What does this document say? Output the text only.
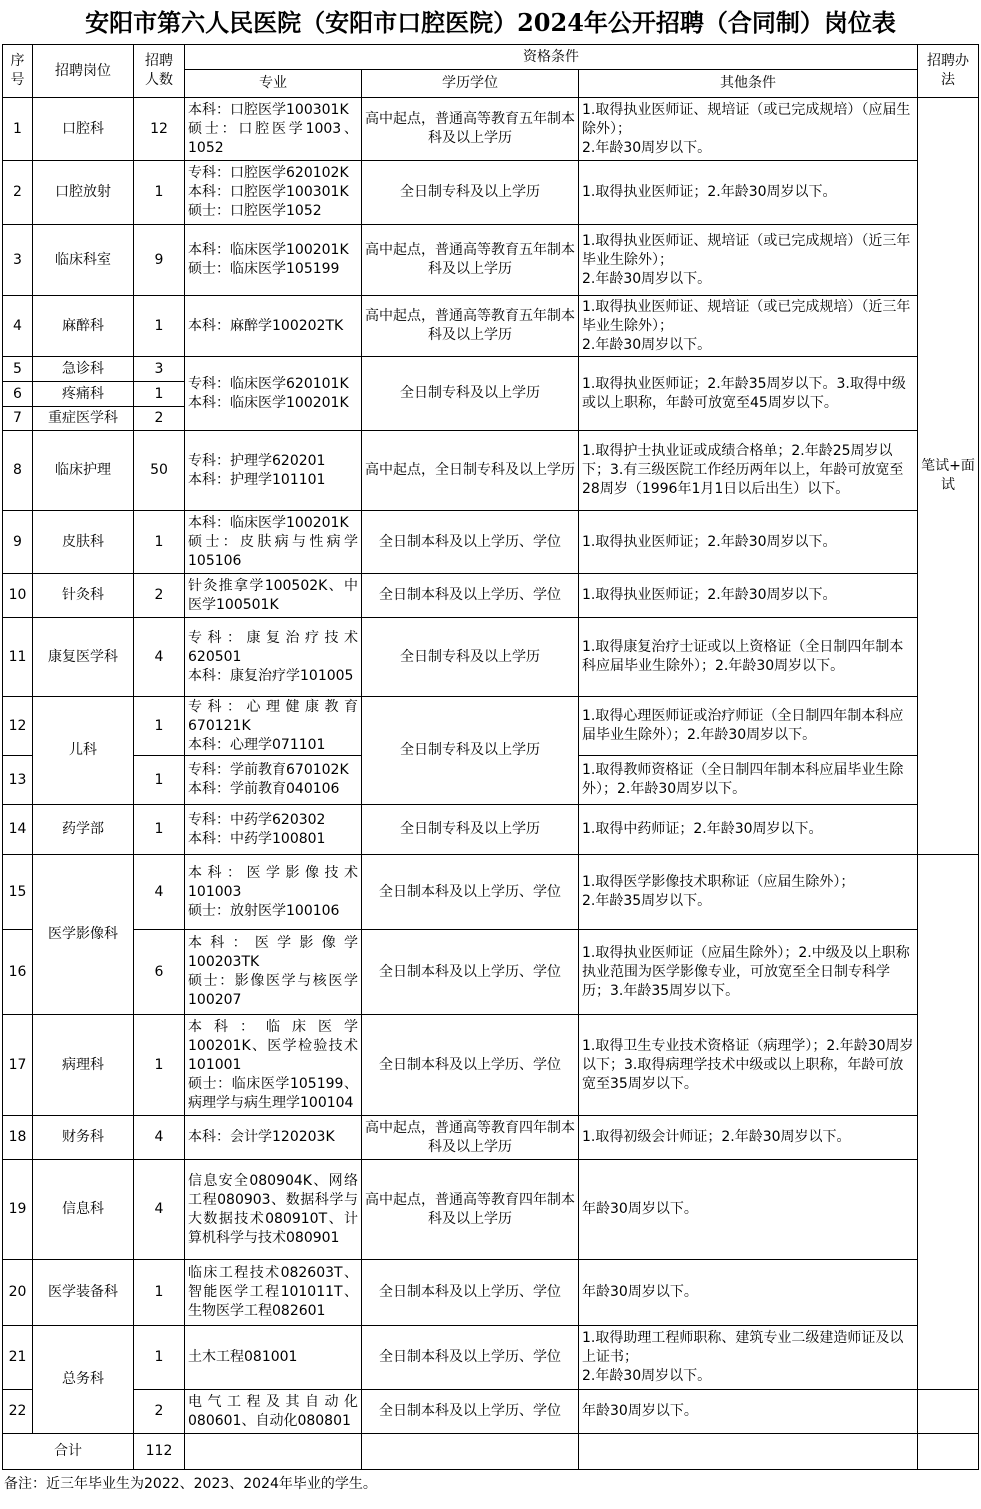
安阳市第六人民医院（安阳市口腔医院）2024年公开招聘（合同制）岗位表
序
号	招聘岗位	招聘
人数	资格条件			招聘办
法	
			专业	学历学位	其他条件		
1	口腔科	12	本科：口腔医学100301K
硕士：口腔医学1003、1052	高中起点，普通高等教育五年制本科及以上学历	1.取得执业医师证、规培证（或已完成规培）（应届生除外）；
2.年龄30周岁以下。	笔试+面
试	
2	口腔放射	1	专科：口腔医学620102K
本科：口腔医学100301K
硕士：口腔医学1052	全日制专科及以上学历	1.取得执业医师证；2.年龄30周岁以下。		
3	临床科室	9	本科：临床医学100201K
硕士：临床医学105199	高中起点，普通高等教育五年制本科及以上学历	1.取得执业医师证、规培证（或已完成规培）（近三年毕业生除外）；
2.年龄30周岁以下。		
4	麻醉科	1	本科：麻醉学100202TK	高中起点，普通高等教育五年制本科及以上学历	1.取得执业医师证、规培证（或已完成规培）（近三年毕业生除外）；
2.年龄30周岁以下。		
5	急诊科	3	专科：临床医学620101K
本科：临床医学100201K	全日制专科及以上学历	1.取得执业医师证；2.年龄35周岁以下。3.取得中级或以上职称，年龄可放宽至45周岁以下。		
6	疼痛科	1					
7	重症医学科	2					
8	临床护理	50	专科：护理学620201
本科：护理学101101	高中起点，全日制专科及以上学历	1.取得护士执业证或成绩合格单；2.年龄25周岁以下；3.有三级医院工作经历两年以上，年龄可放宽至28周岁（1996年1月1日以后出生）以下。		
9	皮肤科	1	本科：临床医学100201K
硕士：皮肤病与性病学105106	全日制本科及以上学历、学位	1.取得执业医师证；2.年龄30周岁以下。		
10	针灸科	2	针灸推拿学100502K、中医学100501K	全日制本科及以上学历、学位	1.取得执业医师证；2.年龄30周岁以下。		
11	康复医学科	4	专科：康复治疗技术620501
本科：康复治疗学101005	全日制专科及以上学历	1.取得康复治疗士证或以上资格证（全日制四年制本科应届毕业生除外）；2.年龄30周岁以下。		
12	儿科	1	专科：心理健康教育670121K
本科：心理学071101	全日制专科及以上学历	1.取得心理医师证或治疗师证（全日制四年制本科应届毕业生除外）；2.年龄30周岁以下。		
13		1	专科：学前教育670102K
本科：学前教育040106		1.取得教师资格证（全日制四年制本科应届毕业生除外）；2.年龄30周岁以下。		
14	药学部	1	专科：中药学620302
本科：中药学100801	全日制专科及以上学历	1.取得中药师证；2.年龄30周岁以下。	
15	医学影像科	4	本科：医学影像技术101003
硕士：放射医学100106	全日制本科及以上学历、学位	1.取得医学影像技术职称证（应届生除外）；
2.年龄35周岁以下。		
16		6	本科：医学影像学100203TK
硕士：影像医学与核医学100207	全日制本科及以上学历、学位	1.取得执业医师证（应届生除外）；2.中级及以上职称执业范围为医学影像专业，可放宽至全日制专科学历；3.年龄35周岁以下。		
17	病理科	1	本科：临床医学100201K、医学检验技术101001
硕士：临床医学105199、病理学与病生理学100104	全日制本科及以上学历、学位	1.取得卫生专业技术资格证（病理学）；2.年龄30周岁以下；3.取得病理学技术中级或以上职称，年龄可放宽至35周岁以下。		
18	财务科	4	本科：会计学120203K	高中起点，普通高等教育四年制本科及以上学历	1.取得初级会计师证；2.年龄30周岁以下。		
19	信息科	4	信息安全080904K、网络工程080903、数据科学与大数据技术080910T、计算机科学与技术080901	高中起点，普通高等教育四年制本科及以上学历	年龄30周岁以下。		
20	医学装备科	1	临床工程技术082603T、智能医学工程101011T、生物医学工程082601	全日制本科及以上学历、学位	年龄30周岁以下。		
21	总务科	1	土木工程081001	全日制本科及以上学历、学位	1.取得助理工程师职称、建筑专业二级建造师证及以上证书；
2.年龄30周岁以下。		
22		2	电气工程及其自动化080601、自动化080801	全日制本科及以上学历、学位	年龄30周岁以下。		
合计		112					
备注：近三年毕业生为2022、2023、2024年毕业的学生。
